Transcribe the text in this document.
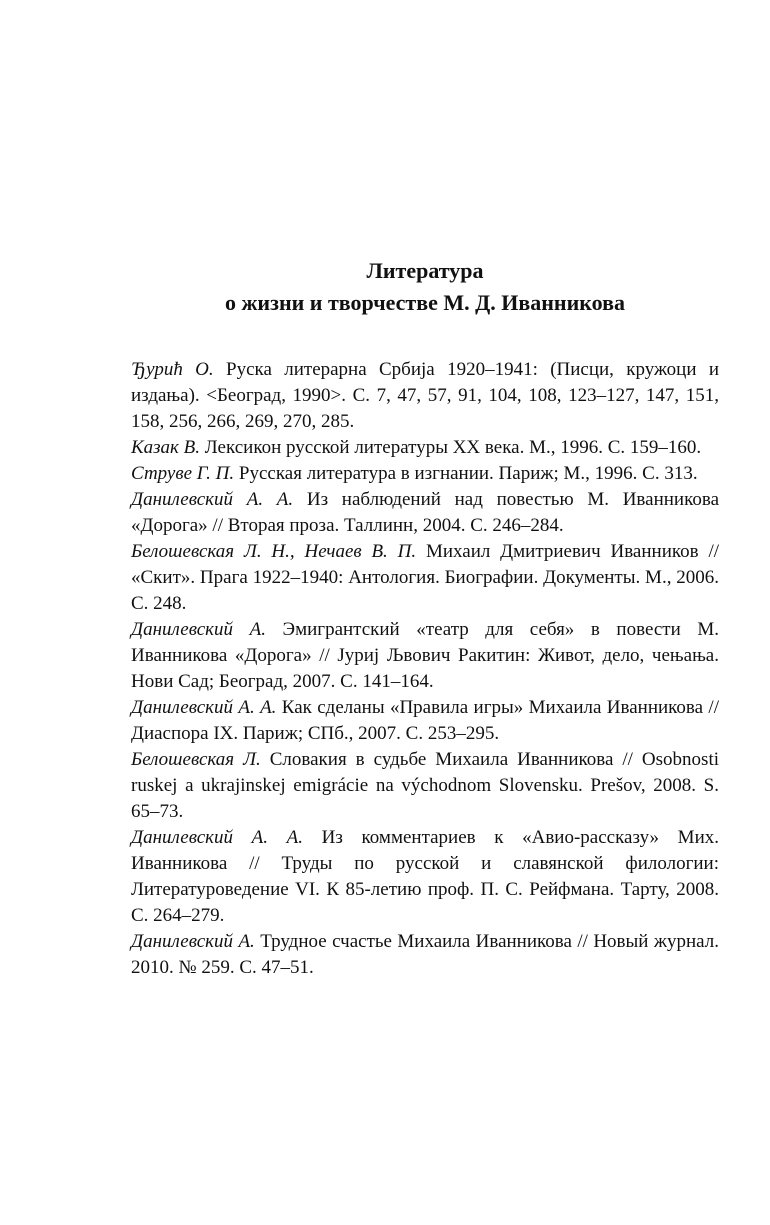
Литература
о жизни и творчестве М. Д. Иванникова
Ђурић О. Руска литерарна Србија 1920–1941: (Писци, кружоци и издања). <Београд, 1990>. С. 7, 47, 57, 91, 104, 108, 123–127, 147, 151, 158, 256, 266, 269, 270, 285.
Казак В. Лексикон русской литературы XX века. М., 1996. С. 159–160.
Струве Г. П. Русская литература в изгнании. Париж; М., 1996. С. 313.
Данилевский А. А. Из наблюдений над повестью М. Иванникова «Дорога» // Вторая проза. Таллинн, 2004. С. 246–284.
Белошевская Л. Н., Нечаев В. П. Михаил Дмитриевич Иванников // «Скит». Прага 1922–1940: Антология. Биографии. Документы. М., 2006. С. 248.
Данилевский А. Эмигрантский «театр для себя» в повести М. Иванникова «Дорога» // Јуриј Љвович Ракитин: Живот, дело, чењања. Нови Сад; Београд, 2007. С. 141–164.
Данилевский А. А. Как сделаны «Правила игры» Михаила Иванникова // Диаспора IX. Париж; СПб., 2007. С. 253–295.
Белошевская Л. Словакия в судьбе Михаила Иванникова // Osobnosti ruskej a ukrajinskej emigrácie na východnom Slovensku. Prešov, 2008. S. 65–73.
Данилевский А. А. Из комментариев к «Авио-рассказу» Мих. Иванникова // Труды по русской и славянской филологии: Литературоведение VI. К 85-летию проф. П. С. Рейфмана. Тарту, 2008. С. 264–279.
Данилевский А. Трудное счастье Михаила Иванникова // Новый журнал. 2010. № 259. С. 47–51.
